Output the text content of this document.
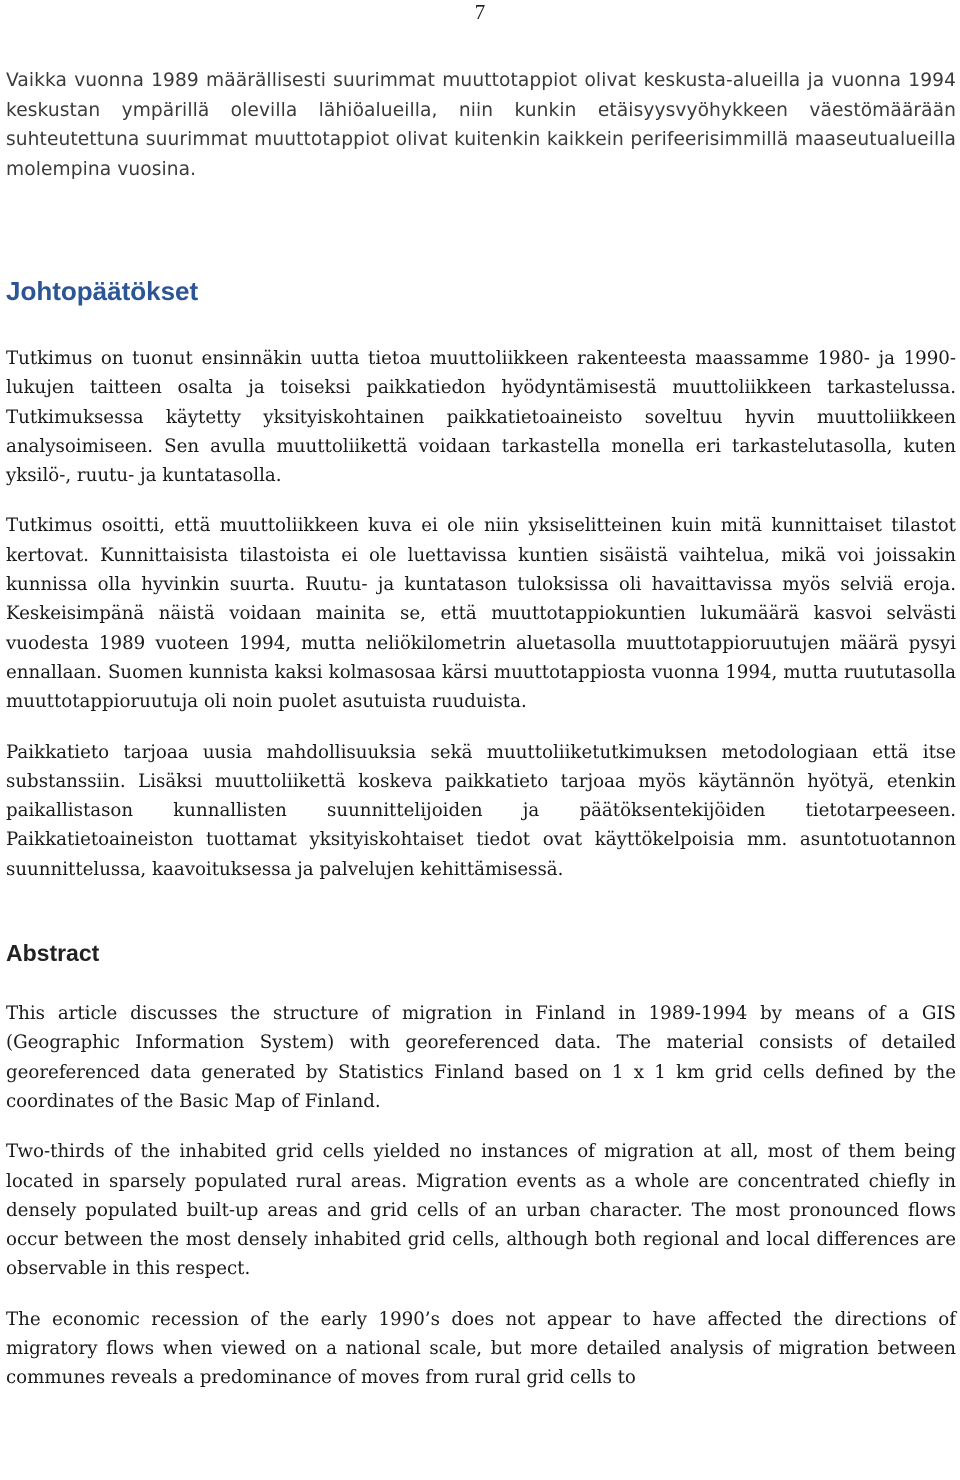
7

Vaikka vuonna 1989 määrällisesti suurimmat muuttotappiot olivat keskusta-alueilla ja vuonna 1994 keskustan ympärillä olevilla lähiöalueilla, niin kunkin etäisyysvyöhykkeen väestömäärään suhteutettuna suurimmat muuttotappiot olivat kuitenkin kaikkein perifeerisimmillä maaseutualueilla molempina vuosina.

Johtopäätökset

Tutkimus on tuonut ensinnäkin uutta tietoa muuttoliikkeen rakenteesta maassamme 1980- ja 1990-lukujen taitteen osalta ja toiseksi paikkatiedon hyödyntämisestä muuttoliikkeen tarkastelussa. Tutkimuksessa käytetty yksityiskohtainen paikkatietoaineisto soveltuu hyvin muuttoliikkeen analysoimiseen. Sen avulla muuttoliikettä voidaan tarkastella monella eri tarkastelutasolla, kuten yksilö-, ruutu- ja kuntatasolla.

Tutkimus osoitti, että muuttoliikkeen kuva ei ole niin yksiselitteinen kuin mitä kunnittaiset tilastot kertovat. Kunnittaisista tilastoista ei ole luettavissa kuntien sisäistä vaihtelua, mikä voi joissakin kunnissa olla hyvinkin suurta. Ruutu- ja kuntatason tuloksissa oli havaittavissa myös selviä eroja. Keskeisimpänä näistä voidaan mainita se, että muuttotappiokuntien lukumäärä kasvoi selvästi vuodesta 1989 vuoteen 1994, mutta neliökilometrin aluetasolla muuttotappioruutujen määrä pysyi ennallaan. Suomen kunnista kaksi kolmasosaa kärsi muuttotappiosta vuonna 1994, mutta ruututasolla muuttotappioruutuja oli noin puolet asutuista ruuduista.

Paikkatieto tarjoaa uusia mahdollisuuksia sekä muuttoliiketutkimuksen metodologiaan että itse substanssiin. Lisäksi muuttoliikettä koskeva paikkatieto tarjoaa myös käytännön hyötyä, etenkin paikallistason kunnallisten suunnittelijoiden ja päätöksentekijöiden tietotarpeeseen. Paikkatietoaineiston tuottamat yksityiskohtaiset tiedot ovat käyttökelpoisia mm. asuntotuotannon suunnittelussa, kaavoituksessa ja palvelujen kehittämisessä.

Abstract

This article discusses the structure of migration in Finland in 1989-1994 by means of a GIS (Geographic Information System) with georeferenced data. The material consists of detailed georeferenced data generated by Statistics Finland based on 1 x 1 km grid cells defined by the coordinates of the Basic Map of Finland.

Two-thirds of the inhabited grid cells yielded no instances of migration at all, most of them being located in sparsely populated rural areas. Migration events as a whole are concentrated chiefly in densely populated built-up areas and grid cells of an urban character. The most pronounced flows occur between the most densely inhabited grid cells, although both regional and local differences are observable in this respect.

The economic recession of the early 1990’s does not appear to have affected the directions of migratory flows when viewed on a national scale, but more detailed analysis of migration between communes reveals a predominance of moves from rural grid cells to
